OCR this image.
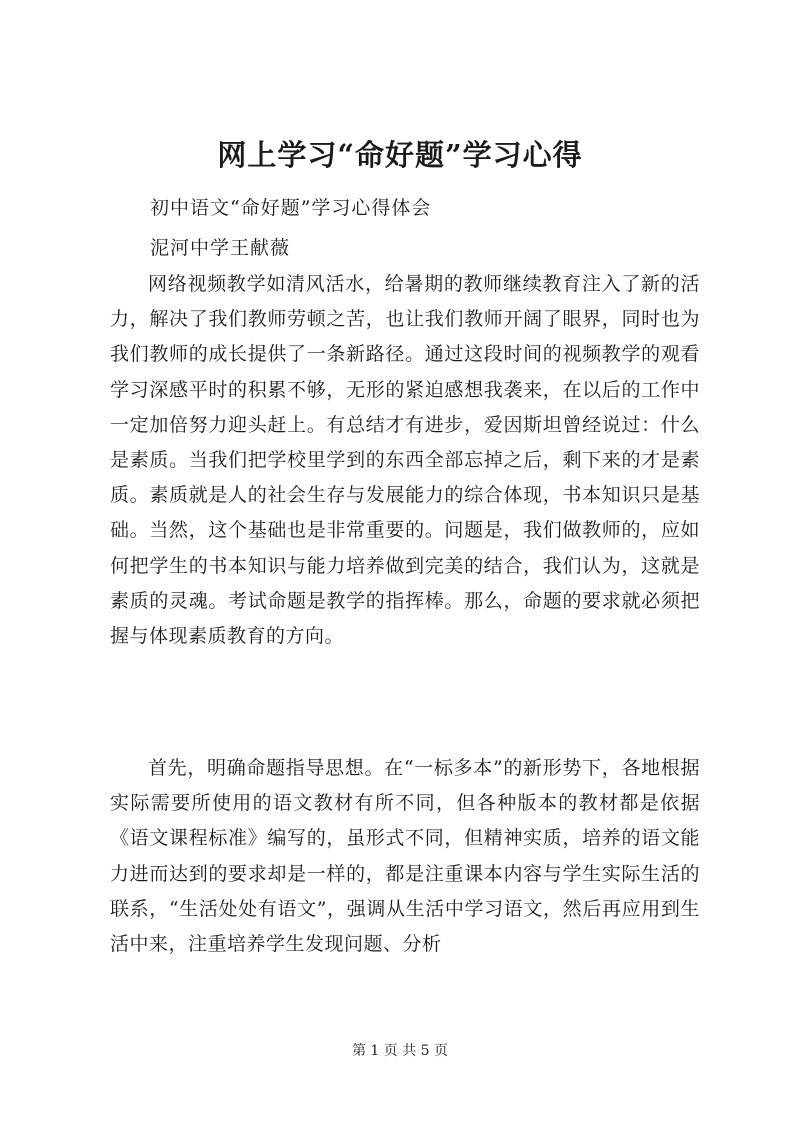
网上学习“命好题”学习心得
初中语文“命好题”学习心得体会
泥河中学王献薇

网络视频教学如清风活水，给暑期的教师继续教育注入了新的活力，解决了我们教师劳顿之苦，也让我们教师开阔了眼界，同时也为我们教师的成长提供了一条新路径。通过这段时间的视频教学的观看学习深感平时的积累不够，无形的紧迫感想我袭来，在以后的工作中一定加倍努力迎头赶上。有总结才有进步，爱因斯坦曾经说过：什么是素质。当我们把学校里学到的东西全部忘掉之后，剩下来的才是素质。素质就是人的社会生存与发展能力的综合体现，书本知识只是基础。当然，这个基础也是非常重要的。问题是，我们做教师的，应如何把学生的书本知识与能力培养做到完美的结合，我们认为，这就是素质的灵魂。考试命题是教学的指挥棒。那么，命题的要求就必须把握与体现素质教育的方向。

首先，明确命题指导思想。在“一标多本”的新形势下，各地根据实际需要所使用的语文教材有所不同，但各种版本的教材都是依据《语文课程标准》编写的，虽形式不同，但精神实质，培养的语文能力进而达到的要求却是一样的，都是注重课本内容与学生实际生活的联系，“生活处处有语文”，强调从生活中学习语文，然后再应用到生活中来，注重培养学生发现问题、分析

第 1 页 共 5 页
